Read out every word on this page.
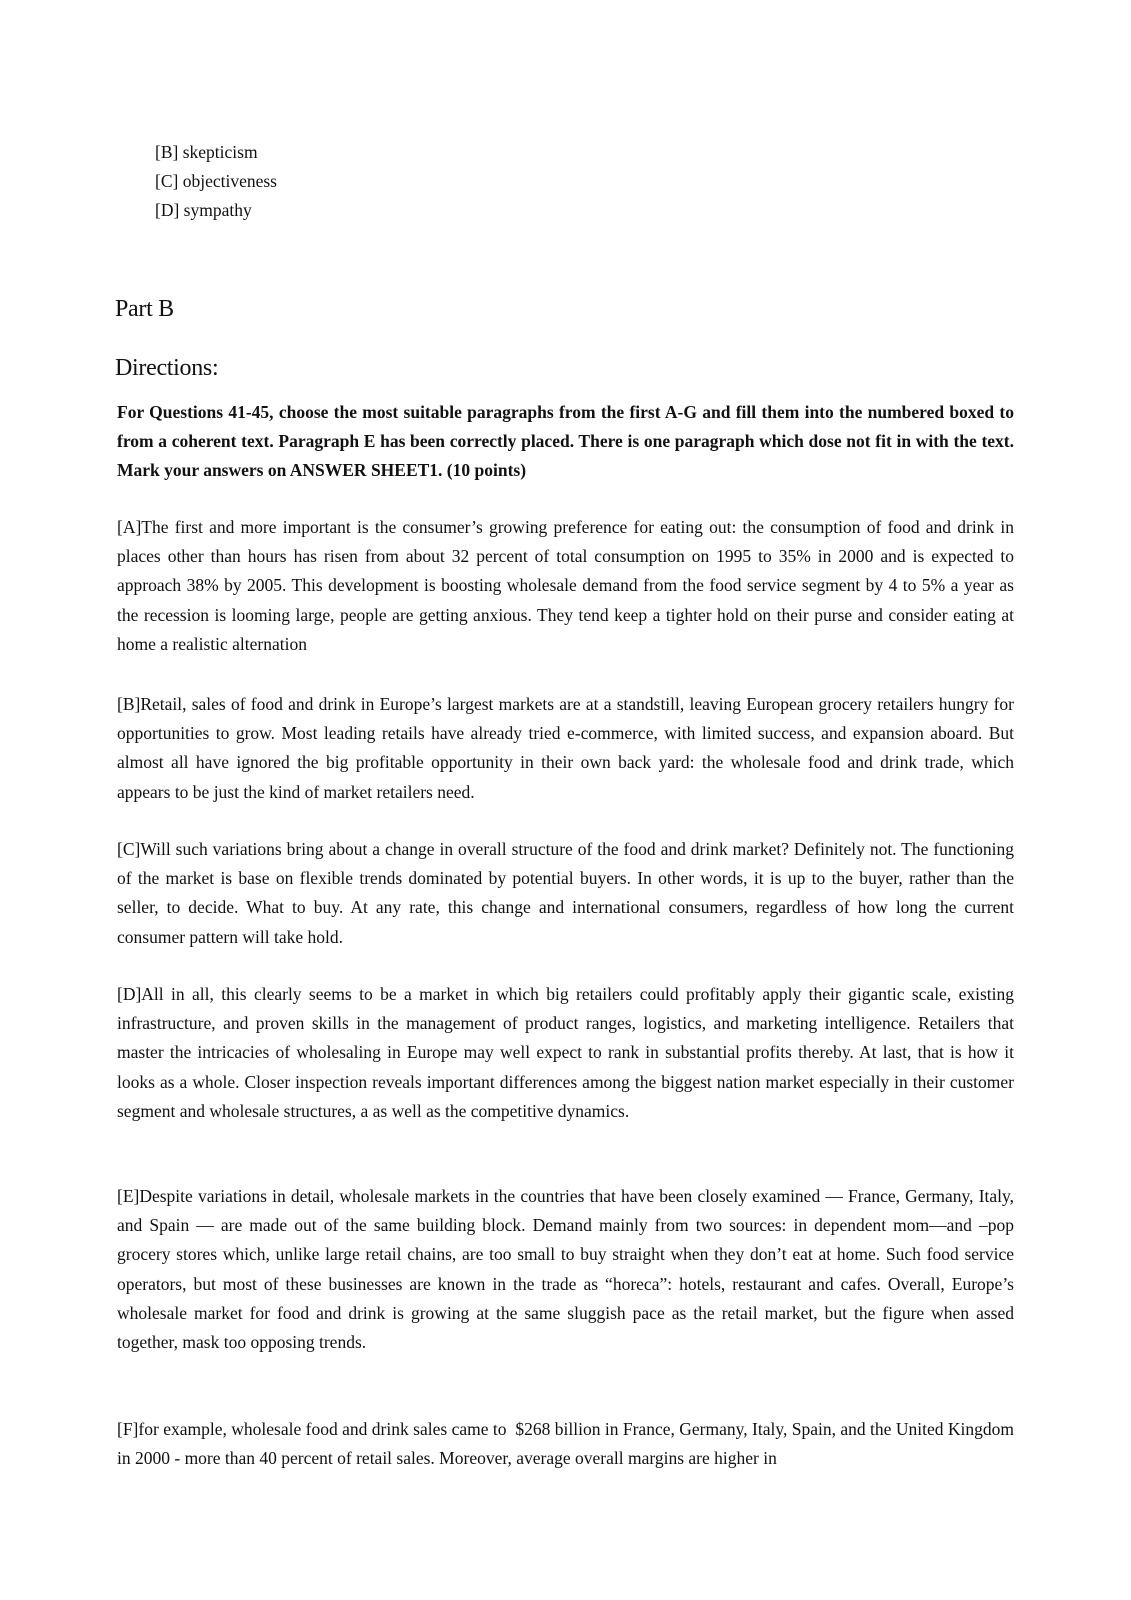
[B] skepticism
[C] objectiveness
[D] sympathy
Part B
Directions:
For Questions 41-45, choose the most suitable paragraphs from the first A-G and fill them into the numbered boxed to from a coherent text. Paragraph E has been correctly placed. There is one paragraph which dose not fit in with the text. Mark your answers on ANSWER SHEET1. (10 points)
[A]The first and more important is the consumer’s growing preference for eating out: the consumption of food and drink in places other than hours has risen from about 32 percent of total consumption on 1995 to 35% in 2000 and is expected to approach 38% by 2005. This development is boosting wholesale demand from the food service segment by 4 to 5% a year as the recession is looming large, people are getting anxious. They tend keep a tighter hold on their purse and consider eating at home a realistic alternation
[B]Retail, sales of food and drink in Europe’s largest markets are at a standstill, leaving European grocery retailers hungry for opportunities to grow. Most leading retails have already tried e-commerce, with limited success, and expansion aboard. But almost all have ignored the big profitable opportunity in their own back yard: the wholesale food and drink trade, which appears to be just the kind of market retailers need.
[C]Will such variations bring about a change in overall structure of the food and drink market? Definitely not. The functioning of the market is base on flexible trends dominated by potential buyers. In other words, it is up to the buyer, rather than the seller, to decide. What to buy. At any rate, this change and international consumers, regardless of how long the current consumer pattern will take hold.
[D]All in all, this clearly seems to be a market in which big retailers could profitably apply their gigantic scale, existing infrastructure, and proven skills in the management of product ranges, logistics, and marketing intelligence. Retailers that master the intricacies of wholesaling in Europe may well expect to rank in substantial profits thereby. At last, that is how it looks as a whole. Closer inspection reveals important differences among the biggest nation market especially in their customer segment and wholesale structures, a as well as the competitive dynamics.
[E]Despite variations in detail, wholesale markets in the countries that have been closely examined — France, Germany, Italy, and Spain — are made out of the same building block. Demand mainly from two sources: in dependent mom—and –pop grocery stores which, unlike large retail chains, are too small to buy straight when they don’t eat at home. Such food service operators, but most of these businesses are known in the trade as “horeca”: hotels, restaurant and cafes. Overall, Europe’s wholesale market for food and drink is growing at the same sluggish pace as the retail market, but the figure when assed together, mask too opposing trends.
[F]for example, wholesale food and drink sales came to  $268 billion in France, Germany, Italy, Spain, and the United Kingdom in 2000 - more than 40 percent of retail sales. Moreover, average overall margins are higher in
